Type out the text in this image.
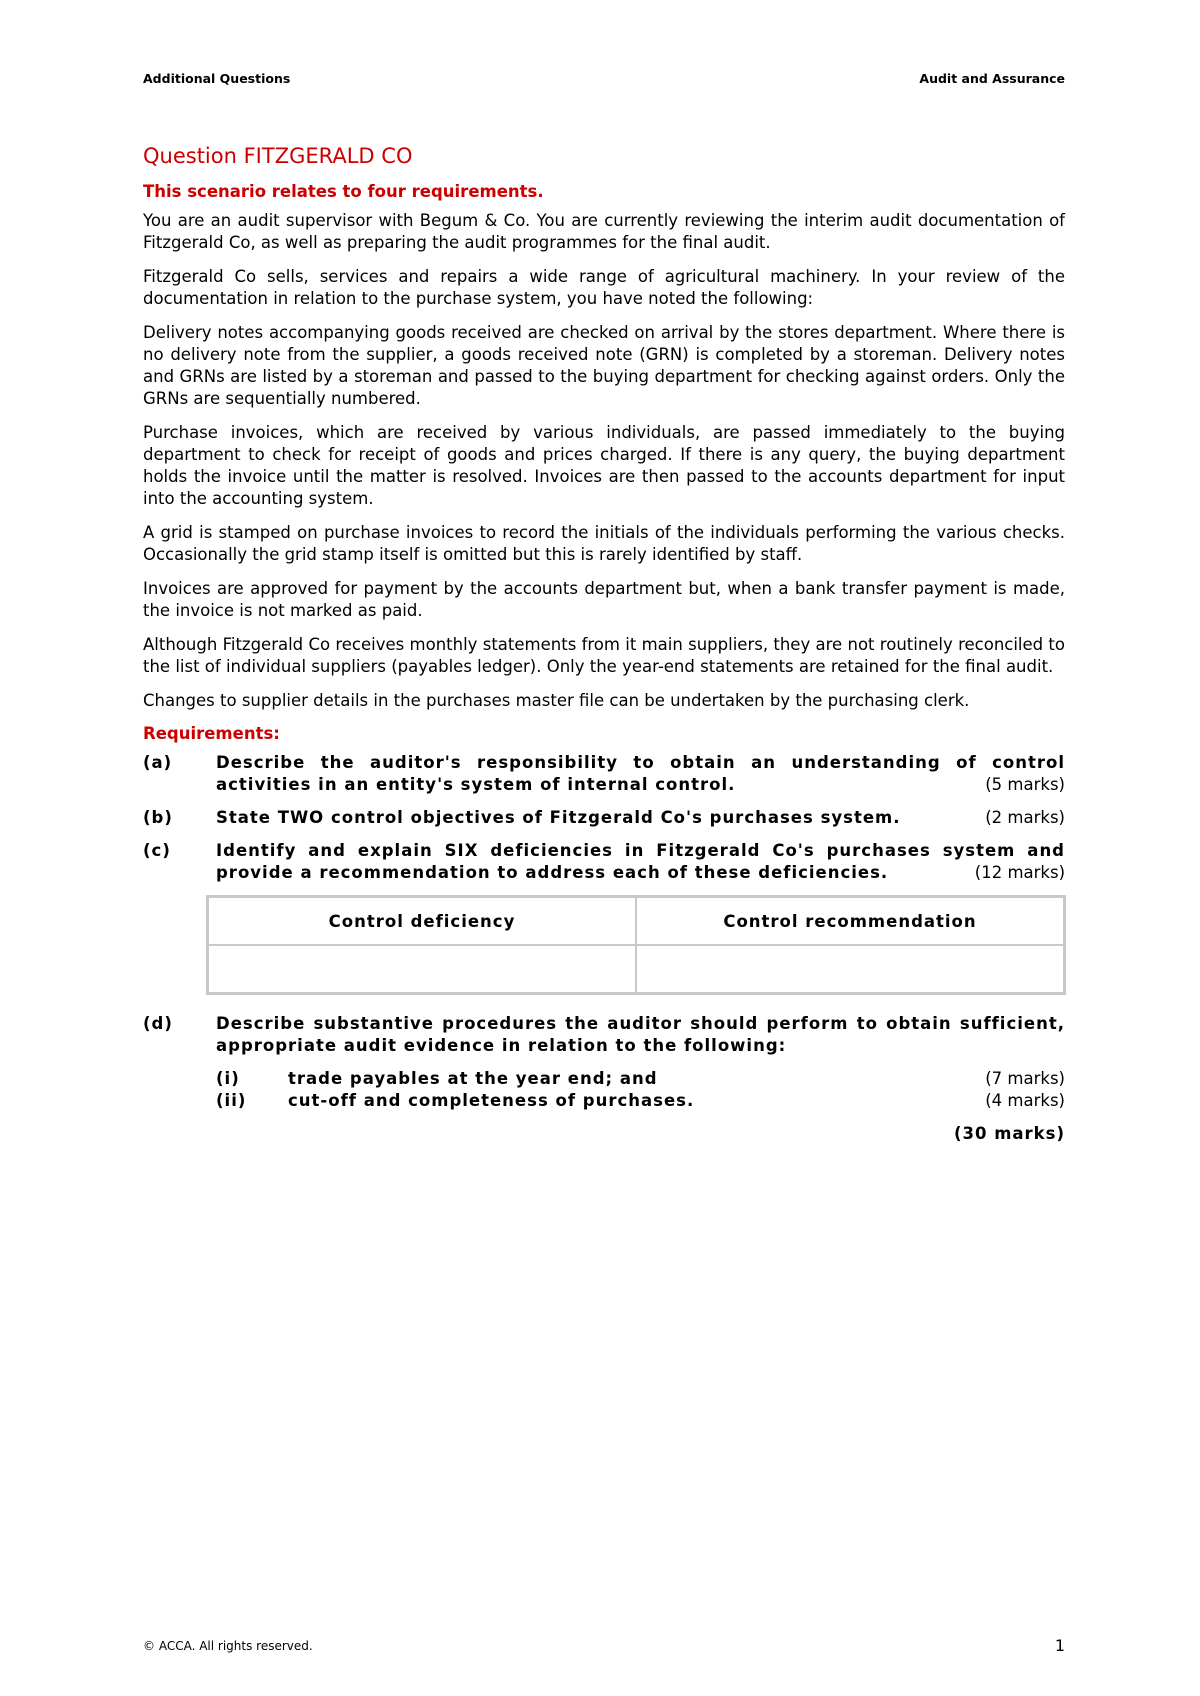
Additional Questions	Audit and Assurance
Question FITZGERALD CO

This scenario relates to four requirements.

You are an audit supervisor with Begum & Co. You are currently reviewing the interim audit documentation of Fitzgerald Co, as well as preparing the audit programmes for the final audit.

Fitzgerald Co sells, services and repairs a wide range of agricultural machinery. In your review of the documentation in relation to the purchase system, you have noted the following:

Delivery notes accompanying goods received are checked on arrival by the stores department. Where there is no delivery note from the supplier, a goods received note (GRN) is completed by a storeman. Delivery notes and GRNs are listed by a storeman and passed to the buying department for checking against orders. Only the GRNs are sequentially numbered.

Purchase invoices, which are received by various individuals, are passed immediately to the buying department to check for receipt of goods and prices charged. If there is any query, the buying department holds the invoice until the matter is resolved. Invoices are then passed to the accounts department for input into the accounting system.

A grid is stamped on purchase invoices to record the initials of the individuals performing the various checks. Occasionally the grid stamp itself is omitted but this is rarely identified by staff.

Invoices are approved for payment by the accounts department but, when a bank transfer payment is made, the invoice is not marked as paid.

Although Fitzgerald Co receives monthly statements from it main suppliers, they are not routinely reconciled to the list of individual suppliers (payables ledger). Only the year-end statements are retained for the final audit.

Changes to supplier details in the purchases master file can be undertaken by the purchasing clerk.

Requirements:

(a)	Describe the auditor's responsibility to obtain an understanding of control activities in an entity's system of internal control.	(5 marks)
(b)	State TWO control objectives of Fitzgerald Co's purchases system.	(2 marks)
(c)	Identify and explain SIX deficiencies in Fitzgerald Co's purchases system and provide a recommendation to address each of these deficiencies.	(12 marks)
Control deficiency	Control recommendation

(d)	Describe substantive procedures the auditor should perform to obtain sufficient, appropriate audit evidence in relation to the following:
(i)	trade payables at the year end; and	(7 marks)
(ii)	cut-off and completeness of purchases.	(4 marks)
(30 marks)
© ACCA. All rights reserved.	1
